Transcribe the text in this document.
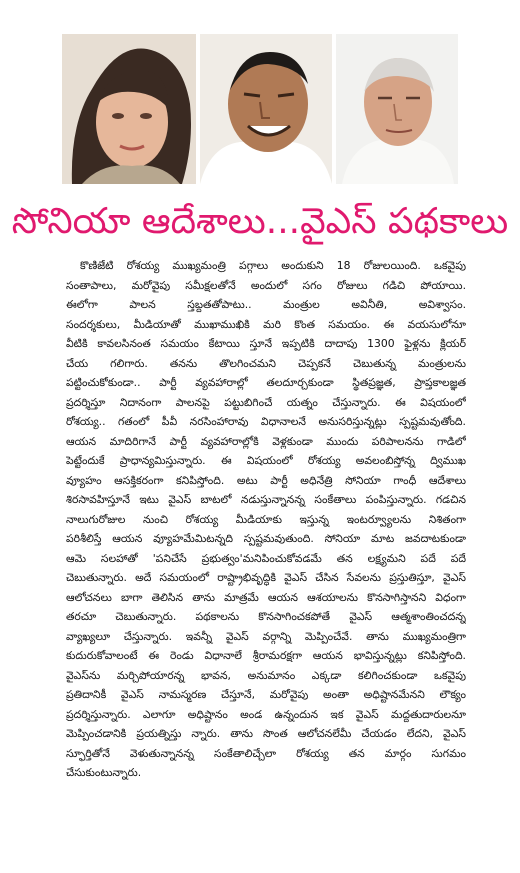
సోనియా ఆదేశాలు...వైఎస్ పథకాలు
కొణిజేటి రోశయ్య ముఖ్యమంత్రి పగ్గాలు అందుకుని 18 రోజులయింది. ఒకవైపు
సంతాపాలు, మరోవైపు సమీక్షలతోనే అందులో సగం రోజులు గడిచి పోయాయి.
ఈలోగా పాలన స్తబ్దతతోపాటు.. మంత్రుల అవినీతి, అవిశ్వాసం.
సందర్శకులు, మీడియాతో ముఖాముఖికి మరి కొంత సమయం. ఈ వయసులోనూ
వీటికి కావలసినంత సమయం కేటాయి స్తూనే ఇప్పటికి దాదాపు 1300 ఫైళ్లను క్లియర్
చేయ గలిగారు. తనను తొలగించమని చెప్పకనే చెబుతున్న మంత్రులను
పట్టించుకోకుండా.. పార్టీ వ్యవహారాల్లో తలదూర్చకుండా స్థితప్రజ్ఞత, ప్రాప్తకాలజ్ఞత
ప్రదర్శిస్తూ నిదానంగా పాలనపై పట్టుబిగించే యత్నం చేస్తున్నారు. ఈ విషయంలో
రోశయ్య.. గతంలో పీవీ నరసింహారావు విధానాలనే అనుసరిస్తున్నట్లు స్పష్టమవుతోంది.
ఆయన మాదిరిగానే పార్టీ వ్యవహారాల్లోకి వెళ్లకుండా ముందు పరిపాలనను గాడిలో
పెట్టేందుకే ప్రాధాన్యమిస్తున్నారు. ఈ విషయంలో రోశయ్య అవలంబిస్తోన్న ద్విముఖ
వ్యూహం ఆసక్తికరంగా కనిపిస్తోంది. అటు పార్టీ అధినేత్రి సోనియా గాంధీ ఆదేశాలు
శిరసావహిస్తూనే ఇటు వైఎస్ బాటలో నడుస్తున్నానన్న సంకేతాలు పంపిస్తున్నారు. గడచిన
నాలుగురోజుల నుంచి రోశయ్య మీడియాకు ఇస్తున్న ఇంటర్వ్యూలను నిశితంగా
పరిశీలిస్తే ఆయన వ్యూహమేమిటన్నది స్పష్టమవుతుంది. సోనియా మాట జవదాటకుండా
ఆమె సలహాతో 'పనిచేసే ప్రభుత్వం'మనిపించుకోవడమే తన లక్ష్యమని పదే పదే
చెబుతున్నారు. అదే సమయంలో రాష్ట్రాభివృద్ధికి వైఎస్ చేసిన సేవలను ప్రస్తుతిస్తూ, వైఎస్
ఆలోచనలు బాగా తెలిసిన తాను మాత్రమే ఆయన ఆశయాలను కొనసాగిస్తానని విధంగా
తరచూ చెబుతున్నారు. పథకాలను కొనసాగించకపోతే వైఎస్ ఆత్మశాంతించదన్న
వ్యాఖ్యలూ చేస్తున్నారు. ఇవన్నీ వైఎస్ వర్గాన్ని మెప్పించేవే. తాను ముఖ్యమంత్రిగా
కుదురుకోవాలంటే ఈ రెండు విధానాలే శ్రీరామరక్షగా ఆయన భావిస్తున్నట్లు కనిపిస్తోంది.
వైఎస్‌ను మర్చిపోయారన్న భావన, అనుమానం ఎక్కడా కలిగించకుండా ఒకవైపు
ప్రతిదానికీ వైఎస్ నామస్మరణ చేస్తూనే, మరోవైపు అంతా అధిష్టానమేనని లౌక్యం
ప్రదర్శిస్తున్నారు. ఎలాగూ అధిష్టానం అండ ఉన్నందున ఇక వైఎస్ మద్దతుదారులనూ
మెప్పించడానికి ప్రయత్నిస్తు న్నారు. తాను సొంత ఆలోచనలేమీ చేయడం లేదని, వైఎస్
స్ఫూర్తితోనే వెళుతున్నానన్న సంకేతాలిచ్చేలా రోశయ్య తన మార్గం సుగమం
చేసుకుంటున్నారు.
